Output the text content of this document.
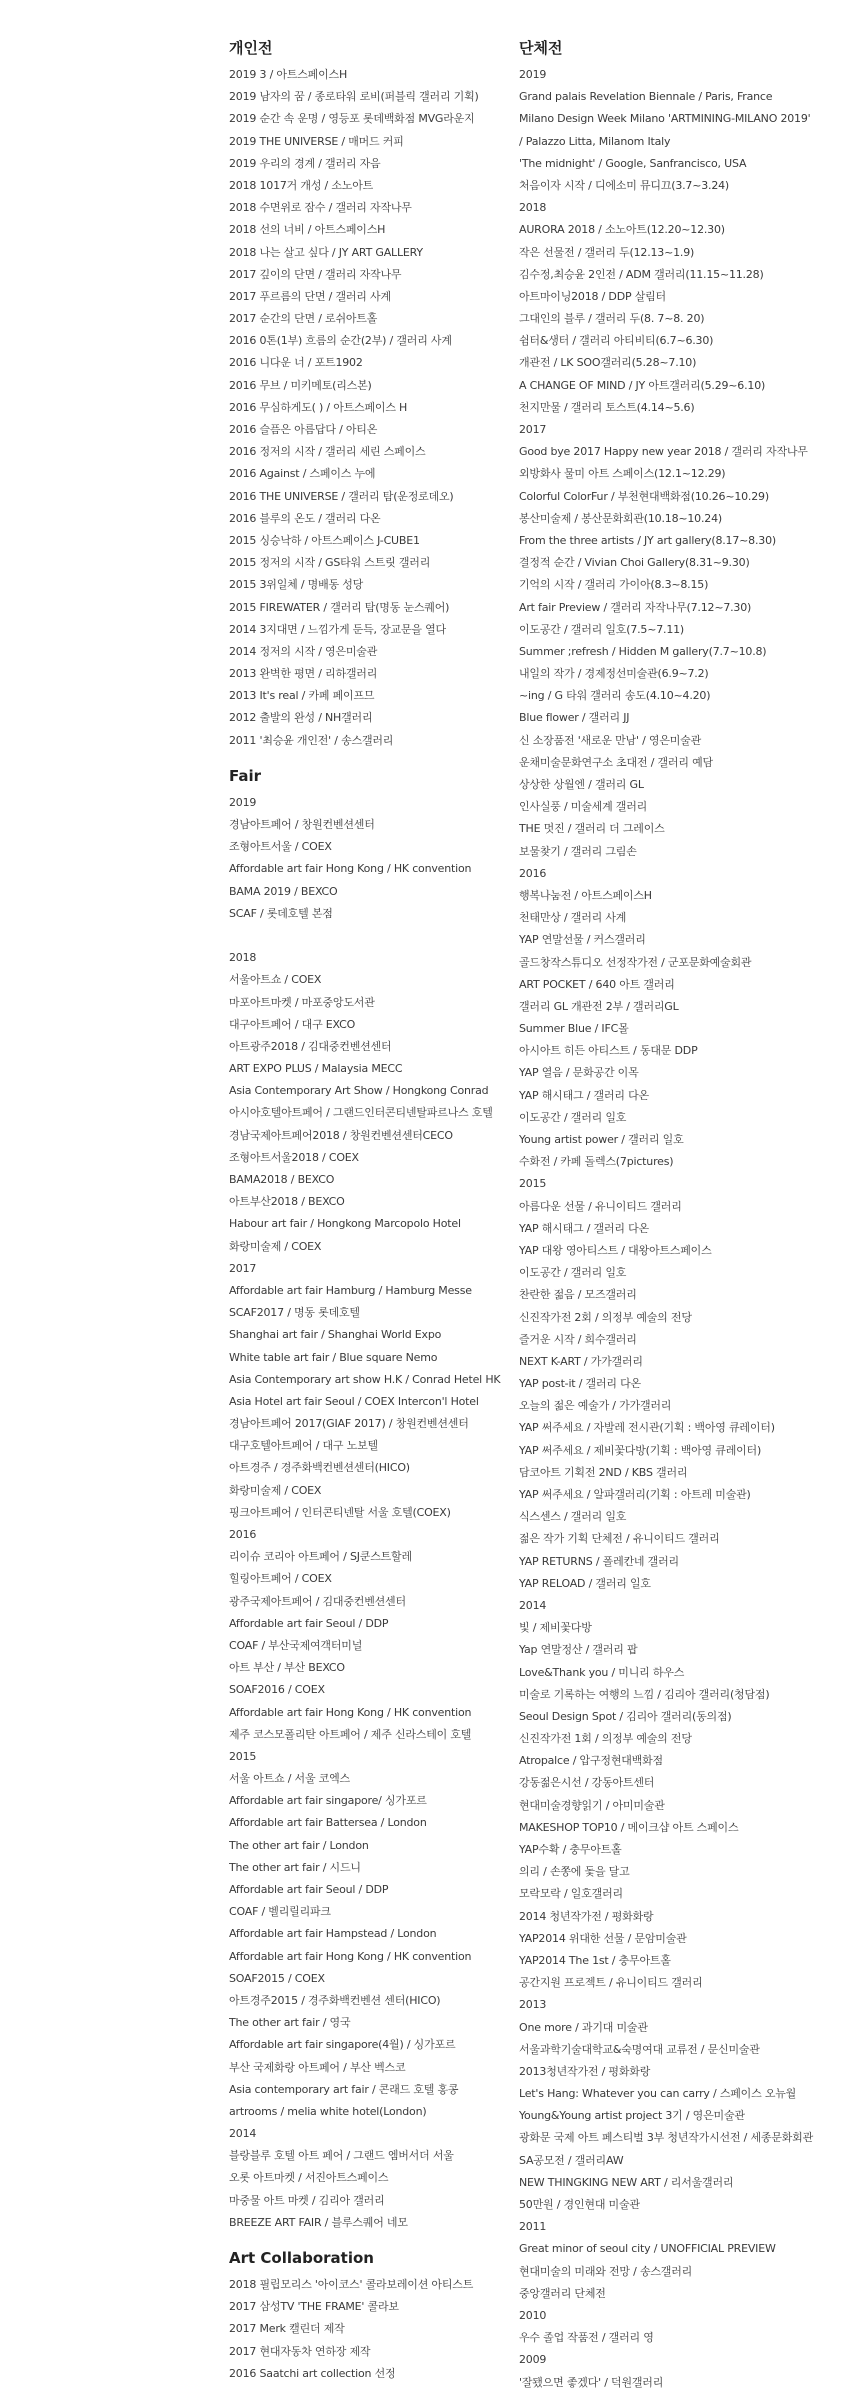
개인전
2019 3 / 아트스페이스H
2019 남자의 꿈 / 종로타워 로비(퍼블릭 갤러리 기획)
2019 순간 속 운명 / 영등포 롯데백화점 MVG라운지
2019 THE UNIVERSE / 매머드 커피
2019 우리의 경계 / 갤러리 자음
2018 1017거 개성 / 소노아트
2018 수면위로 잠수 / 갤러리 자작나무
2018 선의 너비 / 아트스페이스H
2018 나는 살고 싶다 / JY ART GALLERY
2017 깊이의 단면 / 갤러리 자작나무
2017 푸르름의 단면 / 갤러리 사계
2017 순간의 단면 / 로쉬아트홀
2016 0톤(1부) 흐름의 순간(2부) / 갤러리 사계
2016 니다운 너 / 포트1902
2016 무브 / 미키메토(리스본)
2016 무심하게도( ) / 아트스페이스 H
2016 슬픔은 아름답다 / 아티온
2016 정저의 시작 / 갤러리 세린 스페이스
2016 Against / 스페이스 누에
2016 THE UNIVERSE / 갤러리 탐(운정로데오)
2016 블루의 온도 / 갤러리 다온
2015 싱승낙하 / 아트스페이스 J-CUBE1
2015 정저의 시작 / GS타워 스트릿 갤러리
2015 3위일체 / 명배동 성당
2015 FIREWATER / 갤러리 탐(명동 눈스퀘어)
2014 3지대면 / 느낌가게 둔득, 장교문을 열다
2014 정저의 시작 / 영은미술관
2013 완벽한 평면 / 리하갤러리
2013 It's real / 카페 페이프므
2012 출발의 완성 / NH갤러리
2011 '최승윤 개인전' / 송스갤러리
Fair
2019
경남아트페어 / 창원컨벤션센터
조형아트서울 / COEX
Affordable art fair Hong Kong / HK convention
BAMA 2019 / BEXCO
SCAF / 롯데호텔 본점
2018
서울아트쇼 / COEX
마포아트마켓 / 마포중앙도서관
대구아트페어 / 대구 EXCO
아트광주2018 / 김대중컨벤션센터
ART EXPO PLUS / Malaysia MECC
Asia Contemporary Art Show / Hongkong Conrad
아시아호텔아트페어 / 그랜드인터콘티넨탈파르나스 호텔
경남국제아트페어2018 / 창원컨벤션센터CECO
조형아트서울2018 / COEX
BAMA2018 / BEXCO
아트부산2018 / BEXCO
Habour art fair / Hongkong Marcopolo Hotel
화랑미술제 / COEX
2017
Affordable art fair Hamburg / Hamburg Messe
SCAF2017 / 명동 롯데호텔
Shanghai art fair / Shanghai World Expo
White table art fair / Blue square Nemo
Asia Contemporary art show H.K / Conrad Hetel HK
Asia Hotel art fair Seoul / COEX Intercon'l Hotel
경남아트페어 2017(GIAF 2017) / 창원컨벤션센터
대구호텔아트페어 / 대구 노보텔
아트경주 / 경주화백컨벤션센터(HICO)
화랑미술제 / COEX
핑크아트페어 / 인터콘티넨탈 서울 호텔(COEX)
2016
리이슈 코리아 아트페어 / SJ쿤스트할레
힐링아트페어 / COEX
광주국제아트페어 / 김대중컨벤션센터
Affordable art fair Seoul / DDP
COAF / 부산국제여객터미널
아트 부산 / 부산 BEXCO
SOAF2016 / COEX
Affordable art fair Hong Kong / HK convention
제주 코스모폴리탄 아트페어 / 제주 신라스테이 호텔
2015
서울 아트쇼 / 서울 코엑스
Affordable art fair singapore/ 싱가포르
Affordable art fair Battersea / London
The other art fair / London
The other art fair / 시드니
Affordable art fair Seoul / DDP
COAF / 벨리릴리파크
Affordable art fair Hampstead / London
Affordable art fair Hong Kong / HK convention
SOAF2015 / COEX
아트경주2015 / 경주화백컨벤션 센터(HICO)
The other art fair / 영국
Affordable art fair singapore(4월) / 싱가포르
부산 국제화랑 아트페어 / 부산 벡스코
Asia contemporary art fair / 콘래드 호텔 홍콩
artrooms / melia white hotel(London)
2014
블랑블루 호텔 아트 페어 / 그랜드 엠버서더 서울
오롯 아트마켓 / 서진아트스페이스
마중물 아트 마켓 / 김리아 갤러리
BREEZE ART FAIR / 블루스퀘어 네모
Art Collaboration
2018 필립모리스 '아이코스' 콜라보레이션 아티스트
2017 삼성TV 'THE FRAME' 콜라보
2017 Merk 캘린더 제작
2017 현대자동차 연하장 제작
2016 Saatchi art collection 선정
단체전
2019
Grand palais Revelation Biennale / Paris, France
Milano Design Week Milano 'ARTMINING-MILANO 2019'
/ Palazzo Litta, Milanom Italy
'The midnight' / Google, Sanfrancisco, USA
처음이자 시작 / 디에소미 뮤디끄(3.7~3.24)
2018
AURORA 2018 / 소노아트(12.20~12.30)
작은 선물전 / 갤러리 두(12.13~1.9)
김수정,최승윤 2인전 / ADM 갤러리(11.15~11.28)
아트마이닝2018 / DDP 살림터
그대인의 블루 / 갤러리 두(8. 7~8. 20)
쉼터&생터 / 갤러리 아티비티(6.7~6.30)
개관전 / LK SOO갤러리(5.28~7.10)
A CHANGE OF MIND / JY 아트갤러리(5.29~6.10)
천지만물 / 갤러리 토스트(4.14~5.6)
2017
Good bye 2017 Happy new year 2018 / 갤러리 자작나무
외방화사 물미 아트 스페이스(12.1~12.29)
Colorful ColorFur / 부천현대백화점(10.26~10.29)
봉산미술제 / 봉산문화회관(10.18~10.24)
From the three artists / JY art gallery(8.17~8.30)
결정적 순간 / Vivian Choi Gallery(8.31~9.30)
기억의 시작 / 갤러리 가이아(8.3~8.15)
Art fair Preview / 갤러리 자작나무(7.12~7.30)
이도공간 / 갤러리 일호(7.5~7.11)
Summer ;refresh / Hidden M gallery(7.7~10.8)
내일의 작가 / 경제정선미술관(6.9~7.2)
~ing / G 타워 갤러리 송도(4.10~4.20)
Blue flower / 갤러리 JJ
신 소장품전 '새로운 만남' / 영은미술관
운채미술문화연구소 초대전 / 갤러리 예담
상상한 상월엔 / 갤러리 GL
인사실풍 / 미술세계 갤러리
THE 멋진 / 갤러리 더 그레이스
보물찾기 / 갤러리 그림손
2016
행복나눔전 / 아트스페이스H
천태만상 / 갤러리 사계
YAP 연말선물 / 커스갤러리
골드창작스튜디오 선정작가전 / 군포문화예술회관
ART POCKET / 640 아트 갤러리
갤러리 GL 개관전 2부 / 갤러리GL
Summer Blue / IFC몰
아시아트 히든 아티스트 / 동대문 DDP
YAP 열음 / 문화공간 이목
YAP 해시태그 / 갤러리 다온
이도공간 / 갤러리 일호
Young artist power / 갤러리 일호
수화전 / 카페 돌렉스(7pictures)
2015
아름다운 선물 / 유니이티드 갤러리
YAP 해시태그 / 갤러리 다온
YAP 대왕 영아티스트 / 대왕아트스페이스
이도공간 / 갤러리 일호
찬란한 젊음 / 모즈갤러리
신진작가전 2회 / 의정부 예술의 전당
즐거운 시작 / 희수갤러리
NEXT K-ART / 가가갤러리
YAP post-it / 갤러리 다온
오늘의 젊은 예술가 / 가가갤러리
YAP 써주세요 / 자발레 전시관(기획 : 백아영 큐레이터)
YAP 써주세요 / 제비꽃다방(기획 : 백아영 큐레이터)
담코아트 기획전 2ND / KBS 갤러리
YAP 써주세요 / 알파갤러리(기획 : 아트레 미술관)
식스센스 / 갤러리 일호
젊은 작가 기획 단체전 / 유니이티드 갤러리
YAP RETURNS / 폴레칸네 갤러리
YAP RELOAD / 갤러리 일호
2014
빛 / 제비꽃다방
Yap 연말정산 / 갤러리 팝
Love&Thank you / 미니리 하우스
미술로 기록하는 여행의 느낌 / 김리아 갤러리(청담점)
Seoul Design Spot / 김리아 갤러리(동의점)
신진작가전 1회 / 의정부 예술의 전당
Atropalce / 압구정현대백화점
강동젊은시선 / 강동아트센터
현대미술경향읽기 / 아미미술관
MAKESHOP TOP10 / 메이크샵 아트 스페이스
YAP수확 / 충무아트홀
의리 / 손쫑에 돛을 달고
모락모락 / 일호갤러리
2014 청년작가전 / 평화화랑
YAP2014 위대한 선물 / 문암미술관
YAP2014 The 1st / 충무아트홀
공간지원 프로젝트 / 유니이티드 갤러리
2013
One more / 과기대 미술관
서울과학기술대학교&숙명여대 교류전 / 문신미술관
2013청년작가전 / 평화화랑
Let's Hang: Whatever you can carry / 스페이스 오뉴월
Young&Young artist project 3기 / 영은미술관
광화문 국제 아트 페스티벌 3부 청년작가시선전 / 세종문화회관
SA공모전 / 갤러리AW
NEW THINGKING NEW ART / 리서울갤러리
50만원 / 경인현대 미술관
2011
Great minor of seoul city / UNOFFICIAL PREVIEW
현대미술의 미래와 전망 / 송스갤러리
중앙갤러리 단체전
2010
우수 졸업 작품전 / 갤러리 영
2009
'잘됐으면 좋겠다' / 덕원갤러리
